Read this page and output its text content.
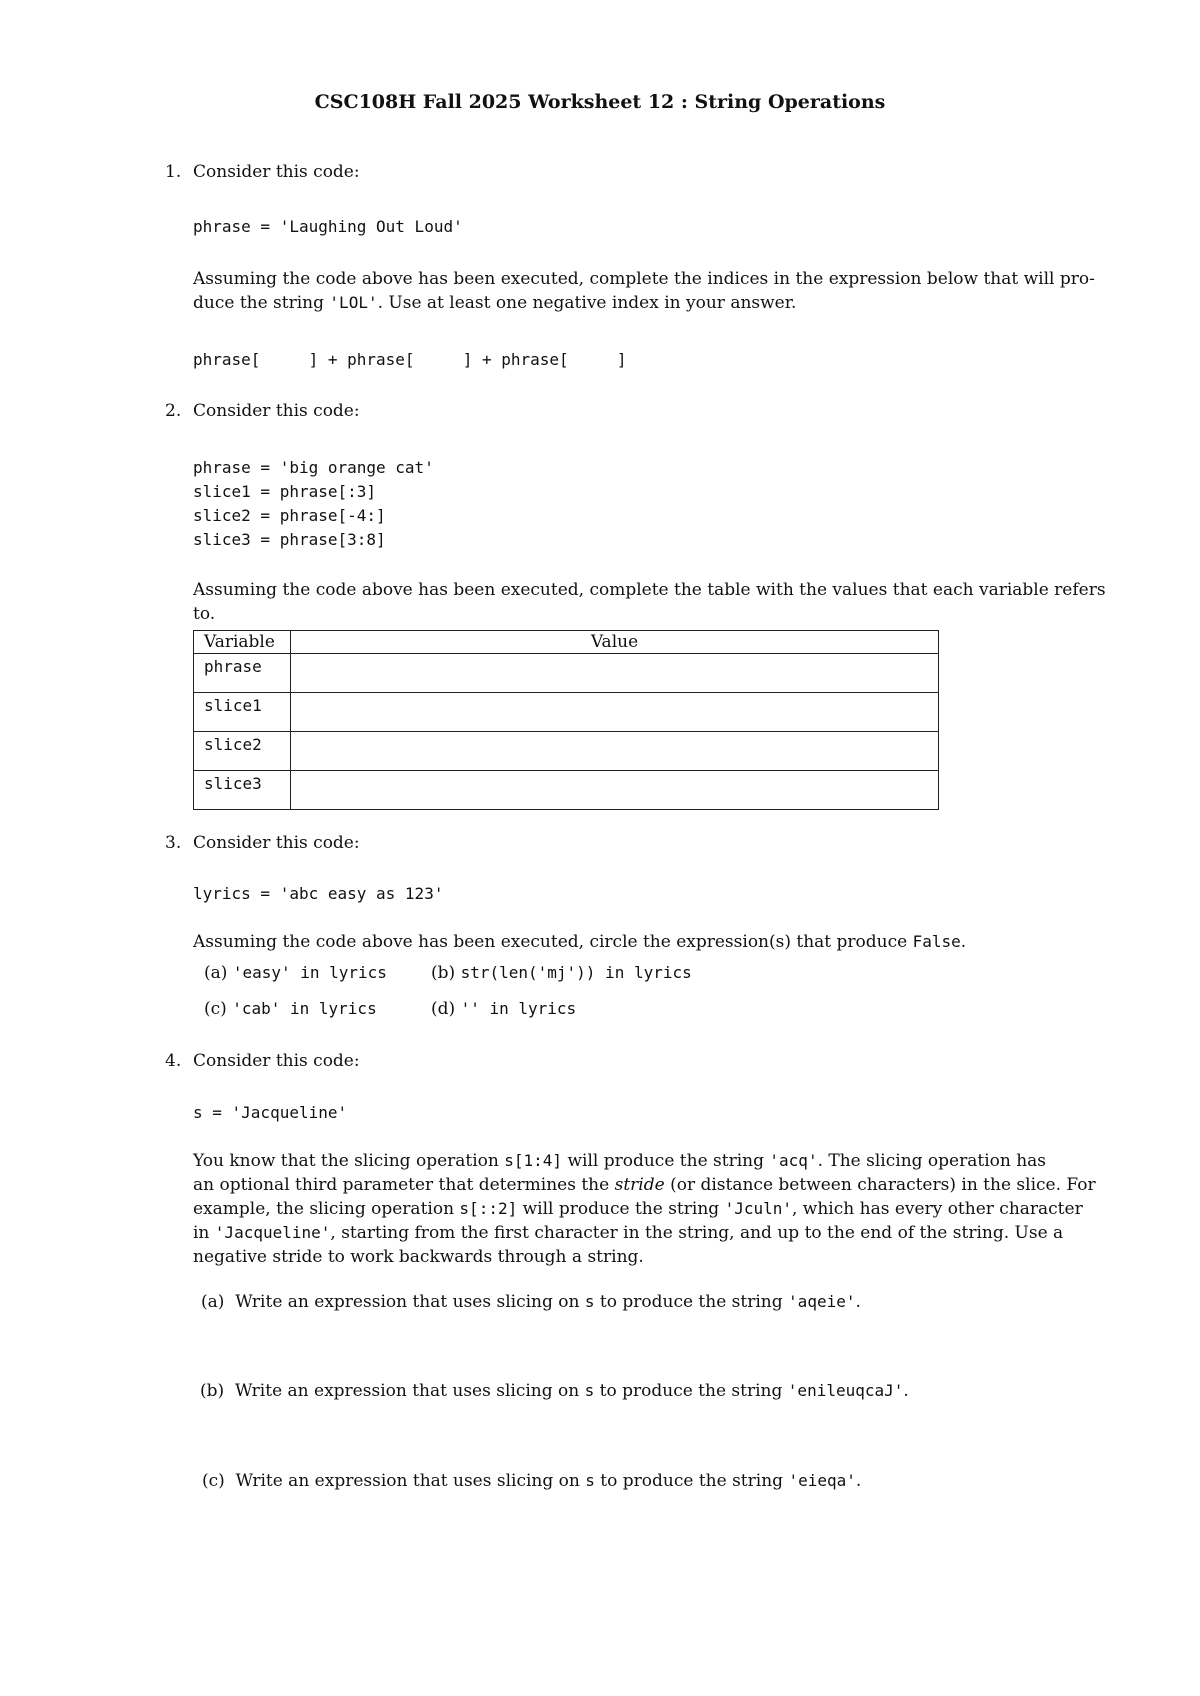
CSC108H Fall 2025 Worksheet 12 : String Operations
1. Consider this code:
phrase = 'Laughing Out Loud'
Assuming the code above has been executed, complete the indices in the expression below that will pro-
duce the string 'LOL'. Use at least one negative index in your answer.
phrase[     ] + phrase[     ] + phrase[     ]
2. Consider this code:
phrase = 'big orange cat'
slice1 = phrase[:3]
slice2 = phrase[-4:]
slice3 = phrase[3:8]
Assuming the code above has been executed, complete the table with the values that each variable refers
to.
Variable	Value
phrase	
slice1	
slice2	
slice3	
3. Consider this code:
lyrics = 'abc easy as 123'
Assuming the code above has been executed, circle the expression(s) that produce False.
(a) 'easy' in lyrics	(b) str(len('mj')) in lyrics
(c) 'cab' in lyrics	(d) '' in lyrics
4. Consider this code:
s = 'Jacqueline'
You know that the slicing operation s[1:4] will produce the string 'acq'. The slicing operation has
an optional third parameter that determines the stride (or distance between characters) in the slice. For
example, the slicing operation s[::2] will produce the string 'Jculn', which has every other character
in 'Jacqueline', starting from the first character in the string, and up to the end of the string. Use a
negative stride to work backwards through a string.
(a) Write an expression that uses slicing on s to produce the string 'aqeie'.
(b) Write an expression that uses slicing on s to produce the string 'enileuqcaJ'.
(c) Write an expression that uses slicing on s to produce the string 'eieqa'.
